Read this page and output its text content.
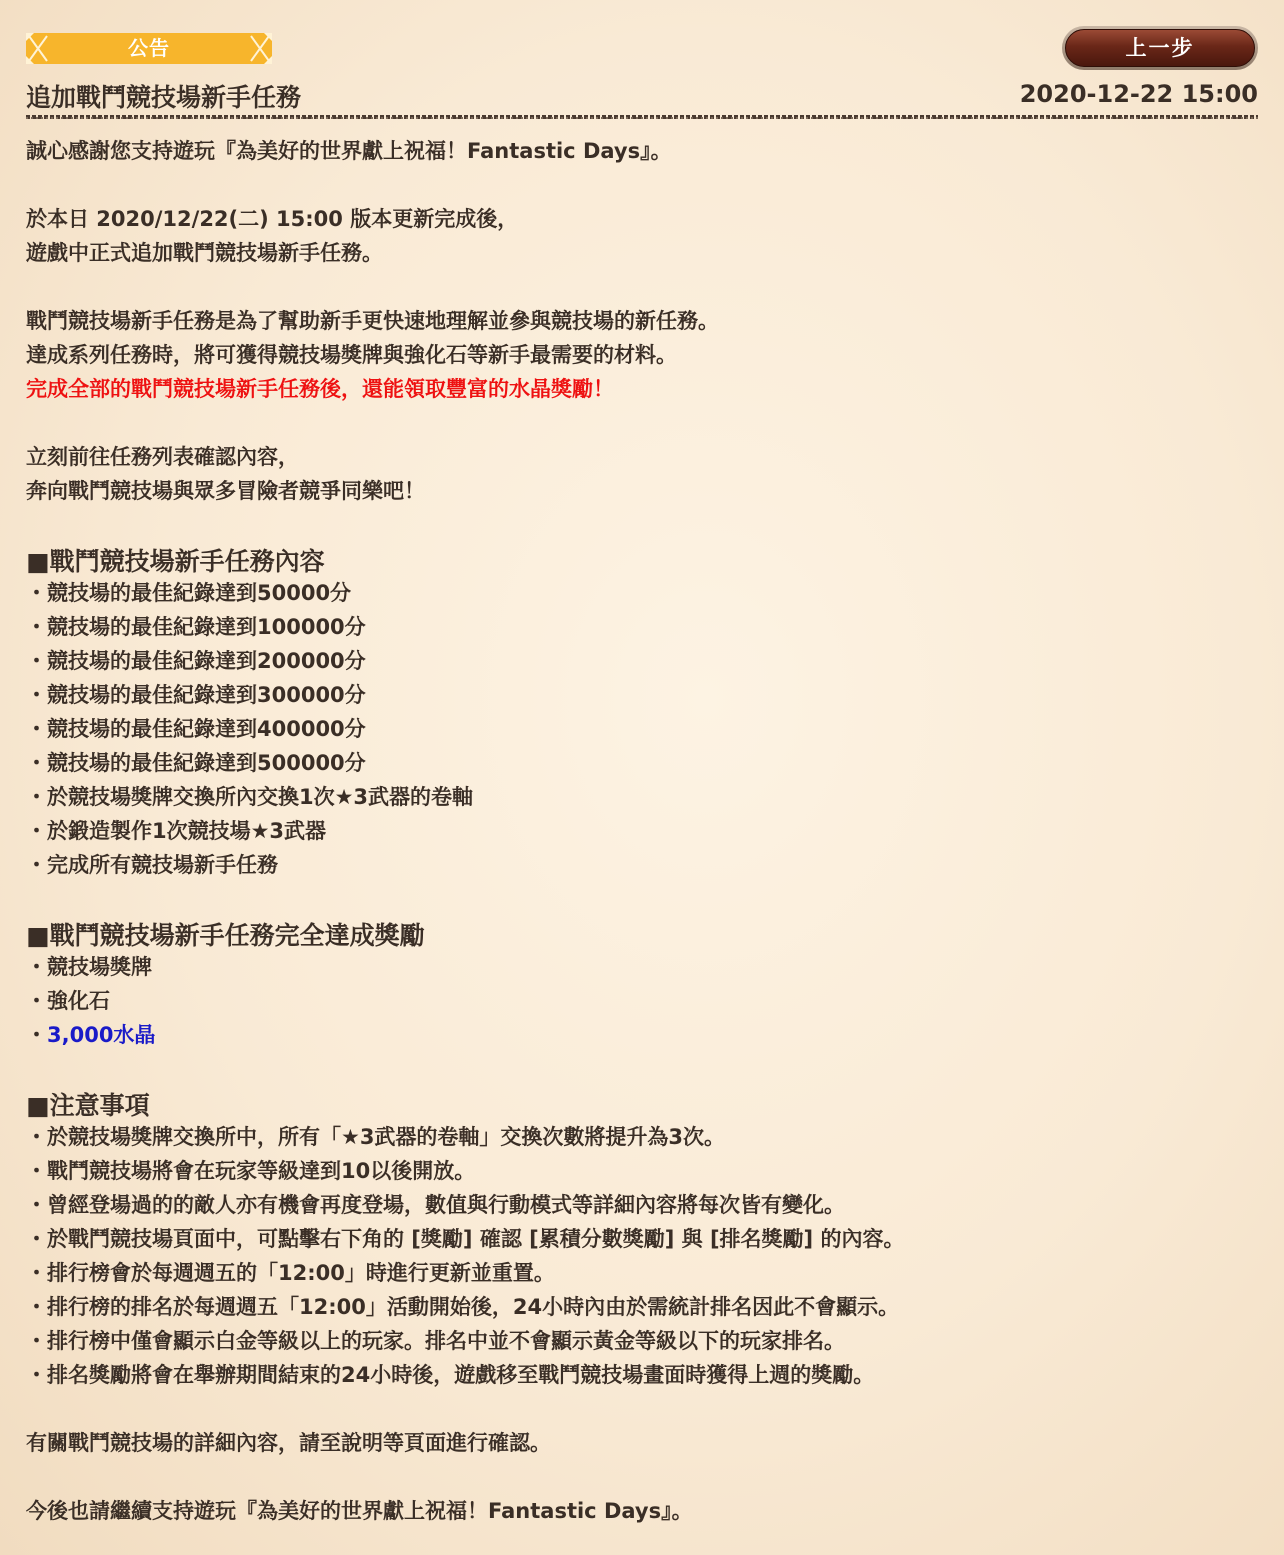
公告	上一步
追加戰鬥競技場新手任務	2020-12-22 15:00
誠心感謝您支持遊玩『為美好的世界獻上祝福！Fantastic Days』。
於本日 2020/12/22(二) 15:00 版本更新完成後，
遊戲中正式追加戰鬥競技場新手任務。
戰鬥競技場新手任務是為了幫助新手更快速地理解並參與競技場的新任務。
達成系列任務時，將可獲得競技場獎牌與強化石等新手最需要的材料。
完成全部的戰鬥競技場新手任務後，還能領取豐富的水晶獎勵！
立刻前往任務列表確認內容，
奔向戰鬥競技場與眾多冒險者競爭同樂吧！
■戰鬥競技場新手任務內容
・競技場的最佳紀錄達到50000分
・競技場的最佳紀錄達到100000分
・競技場的最佳紀錄達到200000分
・競技場的最佳紀錄達到300000分
・競技場的最佳紀錄達到400000分
・競技場的最佳紀錄達到500000分
・於競技場獎牌交換所內交換1次★3武器的卷軸
・於鍛造製作1次競技場★3武器
・完成所有競技場新手任務
■戰鬥競技場新手任務完全達成獎勵
・競技場獎牌
・強化石
・3,000水晶
■注意事項
・於競技場獎牌交換所中，所有「★3武器的卷軸」交換次數將提升為3次。
・戰鬥競技場將會在玩家等級達到10以後開放。
・曾經登場過的的敵人亦有機會再度登場，數值與行動模式等詳細內容將每次皆有變化。
・於戰鬥競技場頁面中，可點擊右下角的 [獎勵] 確認 [累積分數獎勵] 與 [排名獎勵] 的內容。
・排行榜會於每週週五的「12:00」時進行更新並重置。
・排行榜的排名於每週週五「12:00」活動開始後，24小時內由於需統計排名因此不會顯示。
・排行榜中僅會顯示白金等級以上的玩家。排名中並不會顯示黃金等級以下的玩家排名。
・排名獎勵將會在舉辦期間結束的24小時後，遊戲移至戰鬥競技場畫面時獲得上週的獎勵。
有關戰鬥競技場的詳細內容，請至說明等頁面進行確認。
今後也請繼續支持遊玩『為美好的世界獻上祝福！Fantastic Days』。
